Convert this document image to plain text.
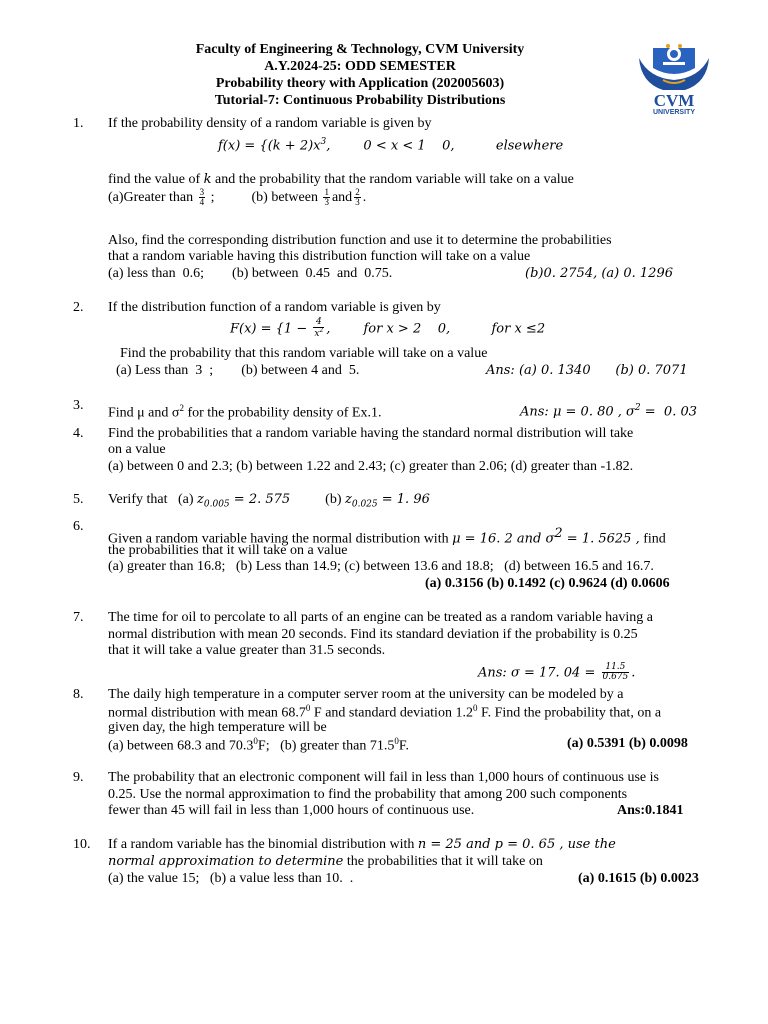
Faculty of Engineering & Technology, CVM University
A.Y.2024-25: ODD SEMESTER
Probability theory with Application (202005603)
Tutorial-7: Continuous Probability Distributions	CVM
UNIVERSITY
1. If the probability density of a random variable is given by
$f(x) = \{(k + 2)x^3$,        0 < x < 1    0,          elsewhere
find the value of k and the probability that the random variable will take on a value
(a)Greater than $\frac{3}{4}$ ;	(b) between $\frac{1}{3}$ and $\frac{2}{3}$ .
Also, find the corresponding distribution function and use it to determine the probabilities
that a random variable having this distribution function will take on a value
(a) less than  0.6;        (b) between  0.45  and  0.75.	(b)0. 2754, (a) 0. 1296
2. If the distribution function of a random variable is given by
$F(x) = \{1 - \frac{4}{x^2}$ ,        for x > 2    0,          for x ≤2
Find the probability that this random variable will take on a value
(a) Less than  3  ;        (b) between 4 and  5.	Ans: (a) 0. 1340      (b) 0. 7071
3.
Find μ and $\sigma^2$ for the probability density of Ex.1.	Ans: μ = 0. 80 , $\sigma^2 = 0$. 03
4. Find the probabilities that a random variable having the standard normal distribution will take
on a value
(a) between 0 and 2.3; (b) between 1.22 and 2.43; (c) greater than 2.06; (d) greater than -1.82.
5. Verify that   (a) $z_{0.005} = 2$. 575	(b) $z_{0.025} = 1$. 96
6.
Given a random variable having the normal distribution with μ = 16. 2 and $\sigma^2 = 1$. 5625 , find
the probabilities that it will take on a value
(a) greater than 16.8;   (b) Less than 14.9; (c) between 13.6 and 18.8;   (d) between 16.5 and 16.7.
(a) 0.3156 (b) 0.1492 (c) 0.9624 (d) 0.0606
7. The time for oil to percolate to all parts of an engine can be treated as a random variable having a
normal distribution with mean 20 seconds. Find its standard deviation if the probability is 0.25
that it will take a value greater than 31.5 seconds.
Ans: σ = 17. $04 = \frac{11.5}{0.675}$ .
8. The daily high temperature in a computer server room at the university can be modeled by a
normal distribution with mean 68.7$^0$ F and standard deviation $1.2^0$ F. Find the probability that, on a
given day, the high temperature will be
(a) between 68.3 and 70.3$^0$F;   (b) greater than 71.5$^0$F.	(a) 0.5391 (b) 0.0098
9. The probability that an electronic component will fail in less than 1,000 hours of continuous use is
0.25. Use the normal approximation to find the probability that among 200 such components
fewer than 45 will fail in less than 1,000 hours of continuous use.	Ans:0.1841
10. If a random variable has the binomial distribution with n = 25 and p = 0. 65 , use the
normal approximation to determine the probabilities that it will take on
(a) the value 15;   (b) a value less than 10.  .	(a) 0.1615 (b) 0.0023
